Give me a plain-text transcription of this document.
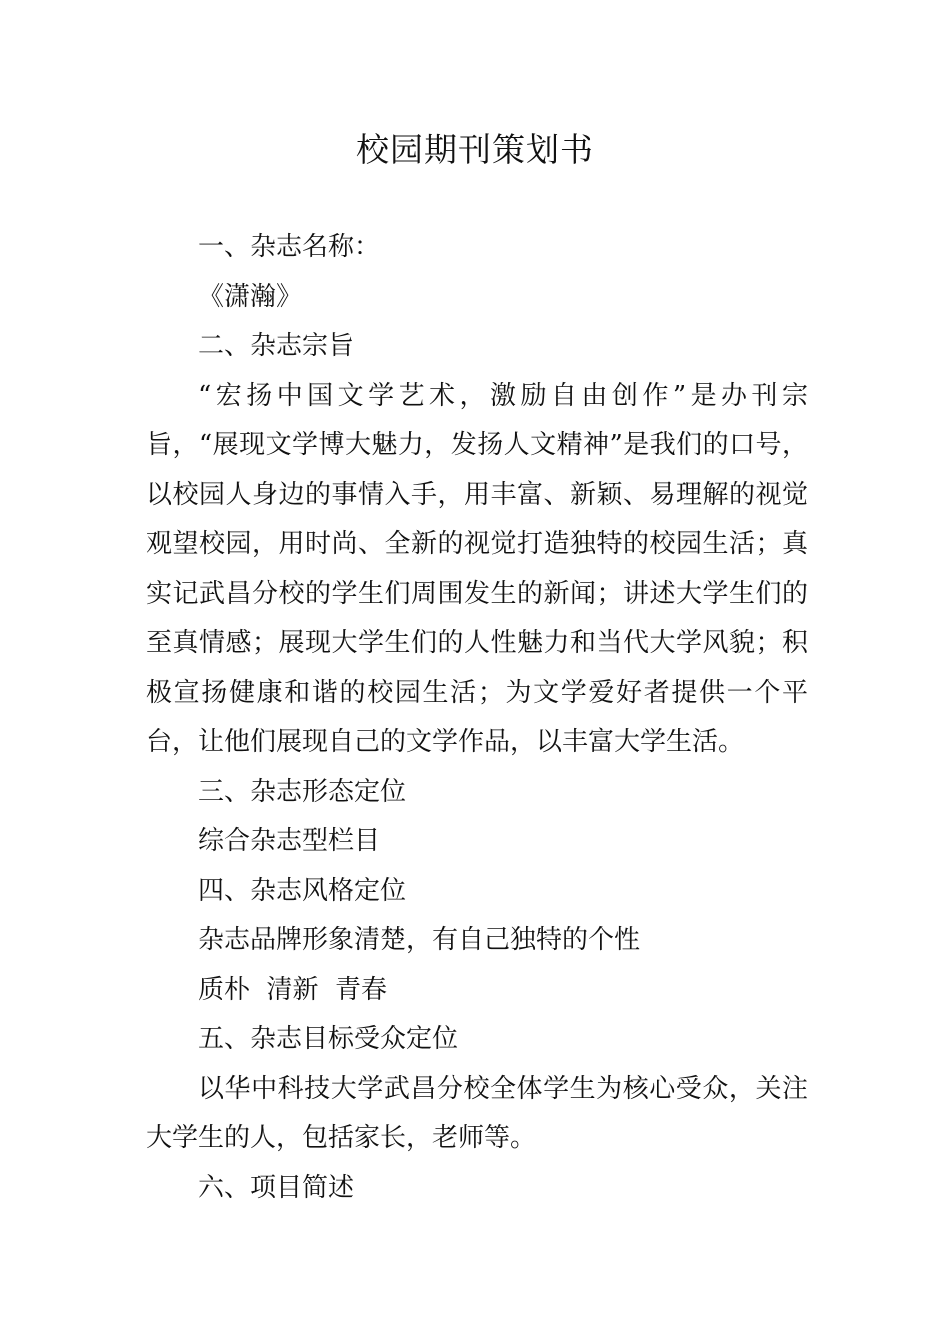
校园期刊策划书

一、杂志名称：

《潇瀚》

二、杂志宗旨

“宏扬中国文学艺术，激励自由创作”是办刊宗旨，“展现文学博大魅力，发扬人文精神”是我们的口号，以校园人身边的事情入手，用丰富、新颖、易理解的视觉观望校园，用时尚、全新的视觉打造独特的校园生活；真实记武昌分校的学生们周围发生的新闻；讲述大学生们的至真情感；展现大学生们的人性魅力和当代大学风貌；积极宣扬健康和谐的校园生活；为文学爱好者提供一个平台，让他们展现自己的文学作品，以丰富大学生活。

三、杂志形态定位

综合杂志型栏目

四、杂志风格定位

杂志品牌形象清楚，有自己独特的个性

质朴  清新  青春

五、杂志目标受众定位

以华中科技大学武昌分校全体学生为核心受众，关注大学生的人，包括家长，老师等。

六、项目简述
